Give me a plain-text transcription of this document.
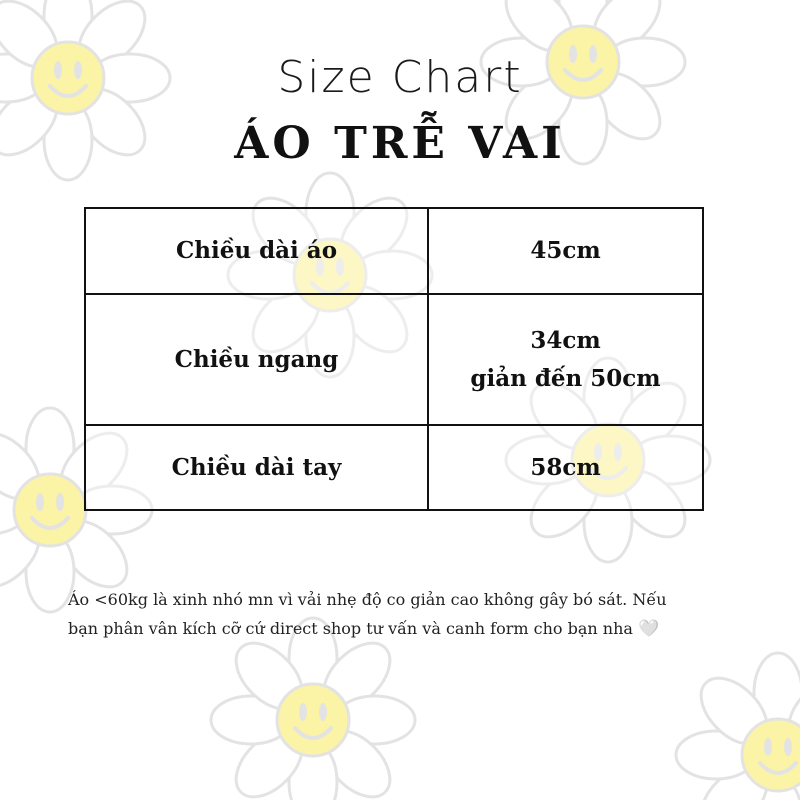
Size Chart
ÁO TRỄ VAI
Chiều dài áo	45cm

Chiều ngang	34cm
giản đến 50cm

Chiều dài tay	58cm
Áo <60kg là xinh nhó mn vì vải nhẹ độ co giản cao không gây bó sát. Nếu
bạn phân vân kích cỡ cứ direct shop tư vấn và canh form cho bạn nha 🤍
